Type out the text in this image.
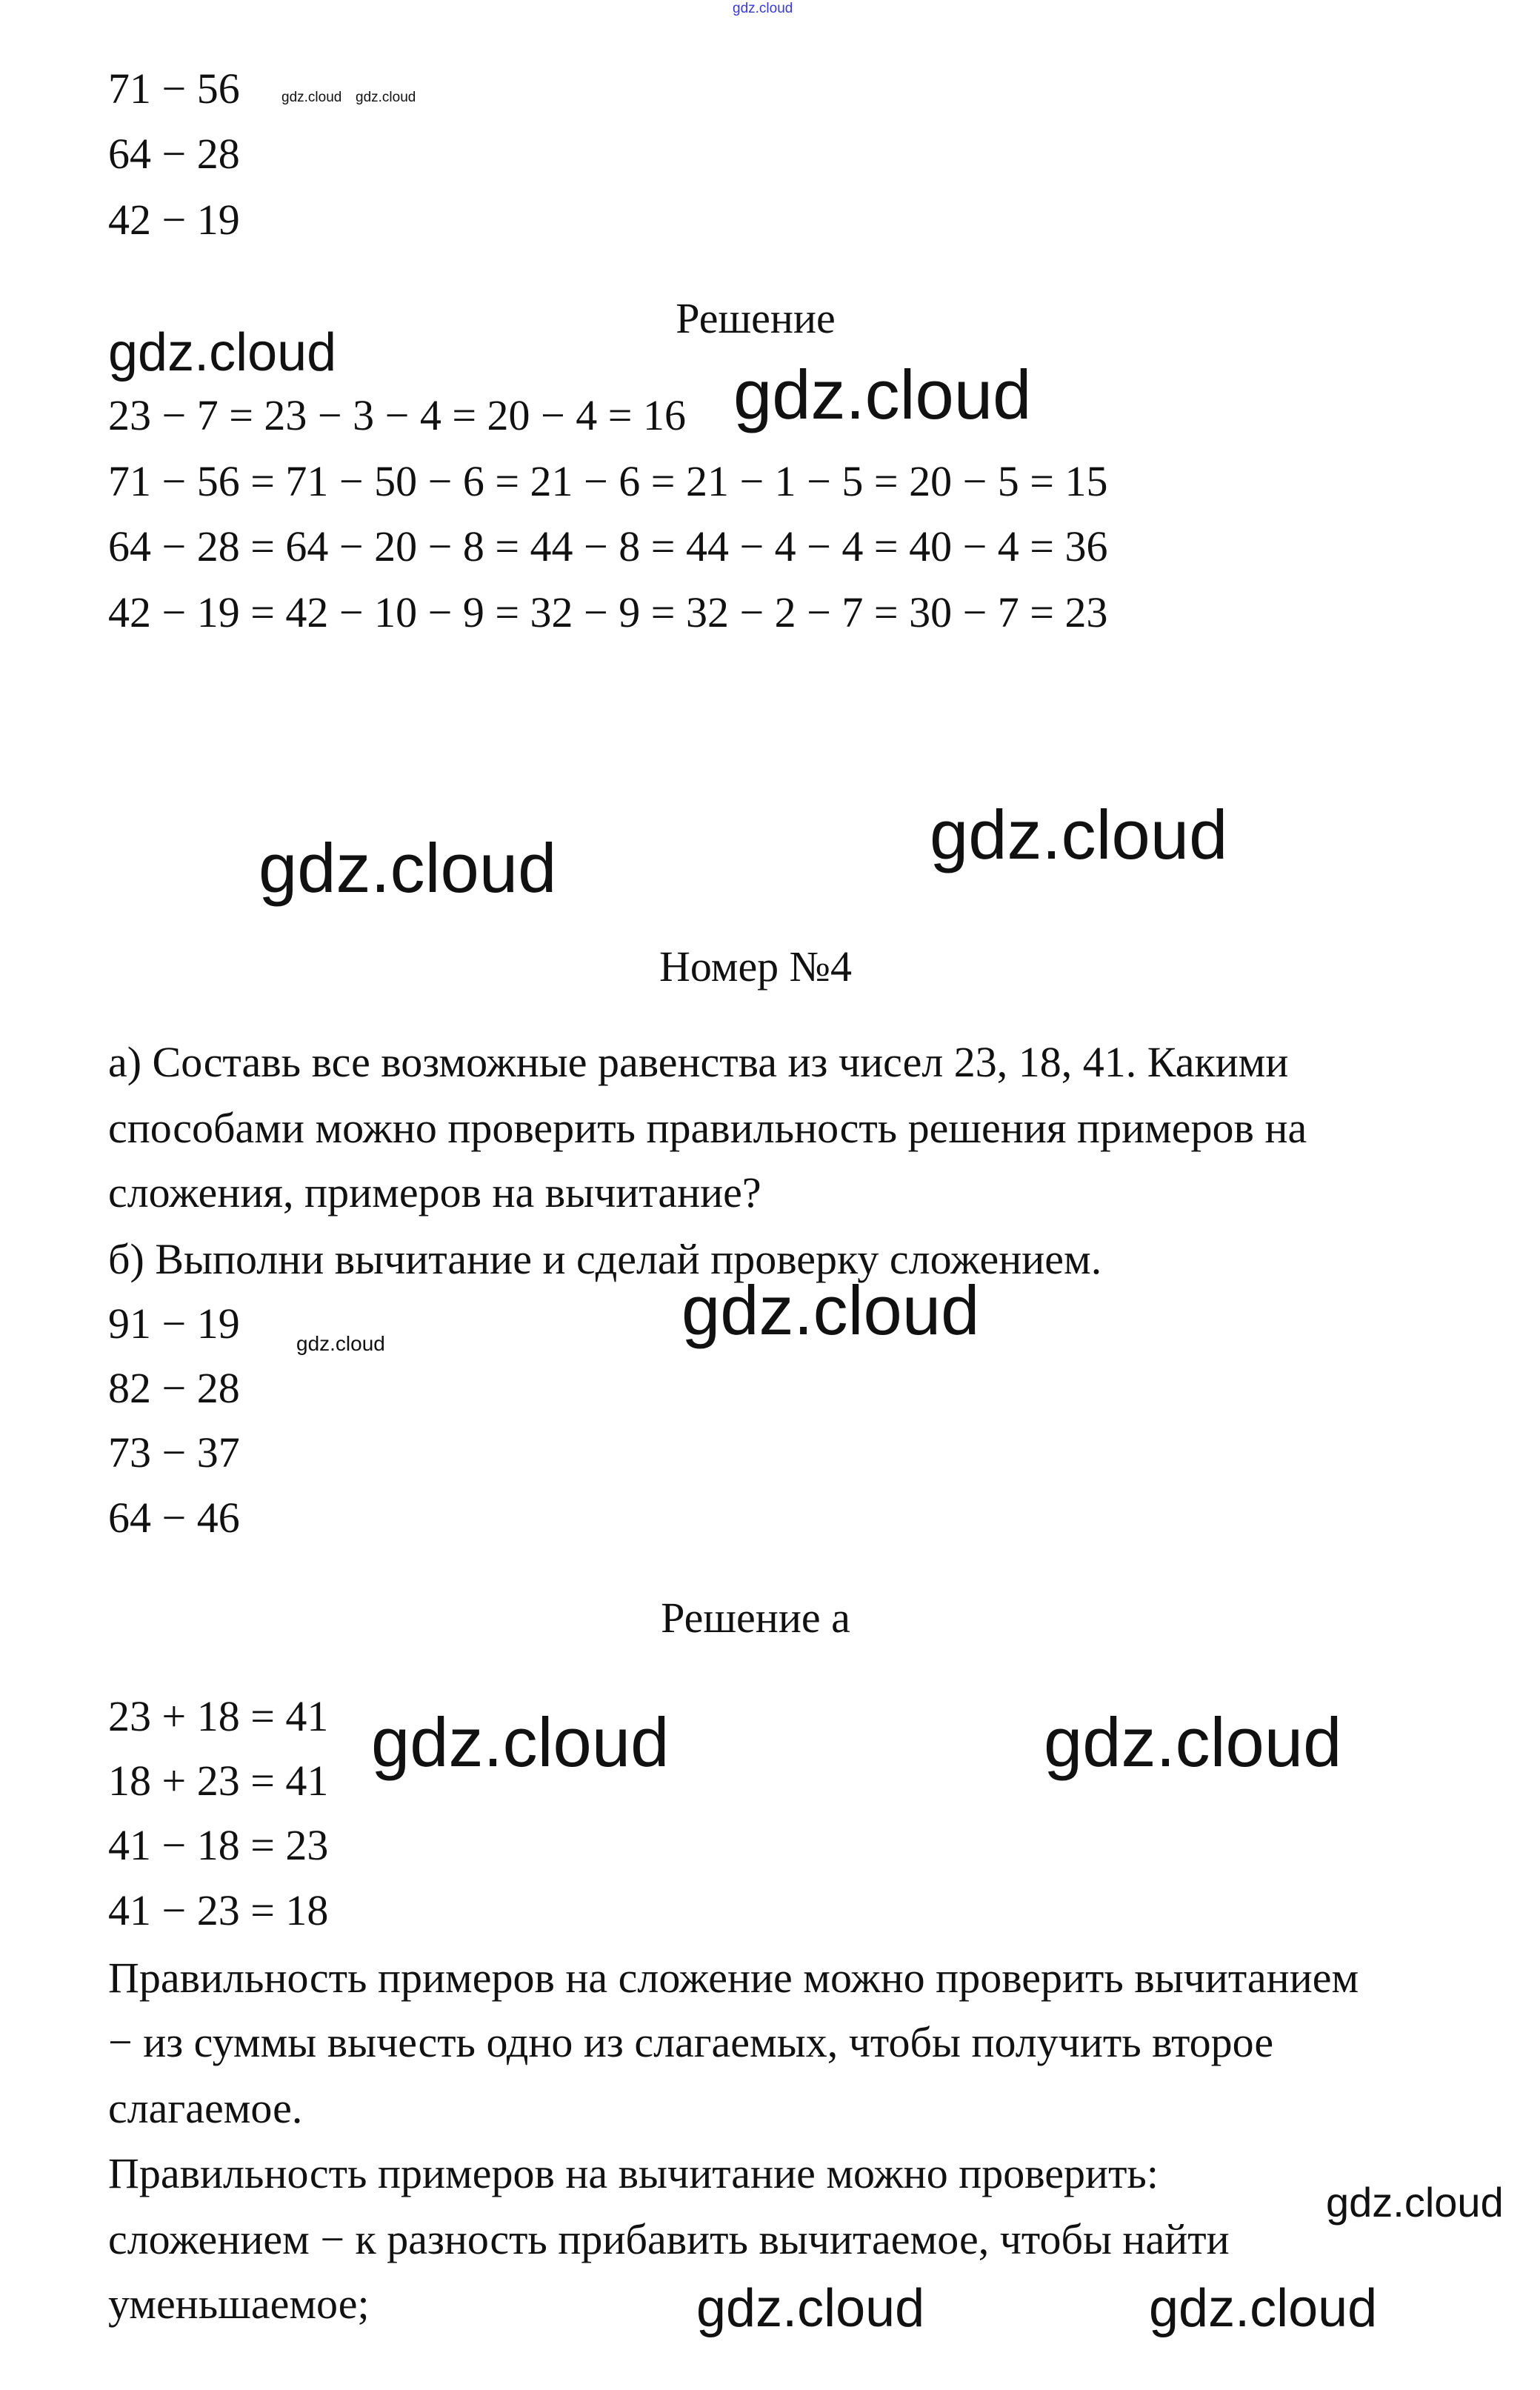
gdz.cloud
gdz.cloud gdz.cloud
gdz.cloud
gdz.cloud
gdz.cloud
gdz.cloud
gdz.cloud
gdz.cloud
gdz.cloud	gdz.cloud
gdz.cloud
gdz.cloud	gdz.cloud
71 − 56
64 − 28
42 − 19
Решение
23 − 7 = 23 − 3 − 4 = 20 − 4 = 16
71 − 56 = 71 − 50 − 6 = 21 − 6 = 21 − 1 − 5 = 20 − 5 = 15
64 − 28 = 64 − 20 − 8 = 44 − 8 = 44 − 4 − 4 = 40 − 4 = 36
42 − 19 = 42 − 10 − 9 = 32 − 9 = 32 − 2 − 7 = 30 − 7 = 23
Номер №4
а) Составь все возможные равенства из чисел 23, 18, 41. Какими
способами можно проверить правильность решения примеров на
сложения, примеров на вычитание?
б) Выполни вычитание и сделай проверку сложением.
91 − 19
82 − 28
73 − 37
64 − 46
Решение а
23 + 18 = 41
18 + 23 = 41
41 − 18 = 23
41 − 23 = 18
Правильность примеров на сложение можно проверить вычитанием
− из суммы вычесть одно из слагаемых, чтобы получить второе
слагаемое.
Правильность примеров на вычитание можно проверить:
сложением − к разность прибавить вычитаемое, чтобы найти
уменьшаемое;
